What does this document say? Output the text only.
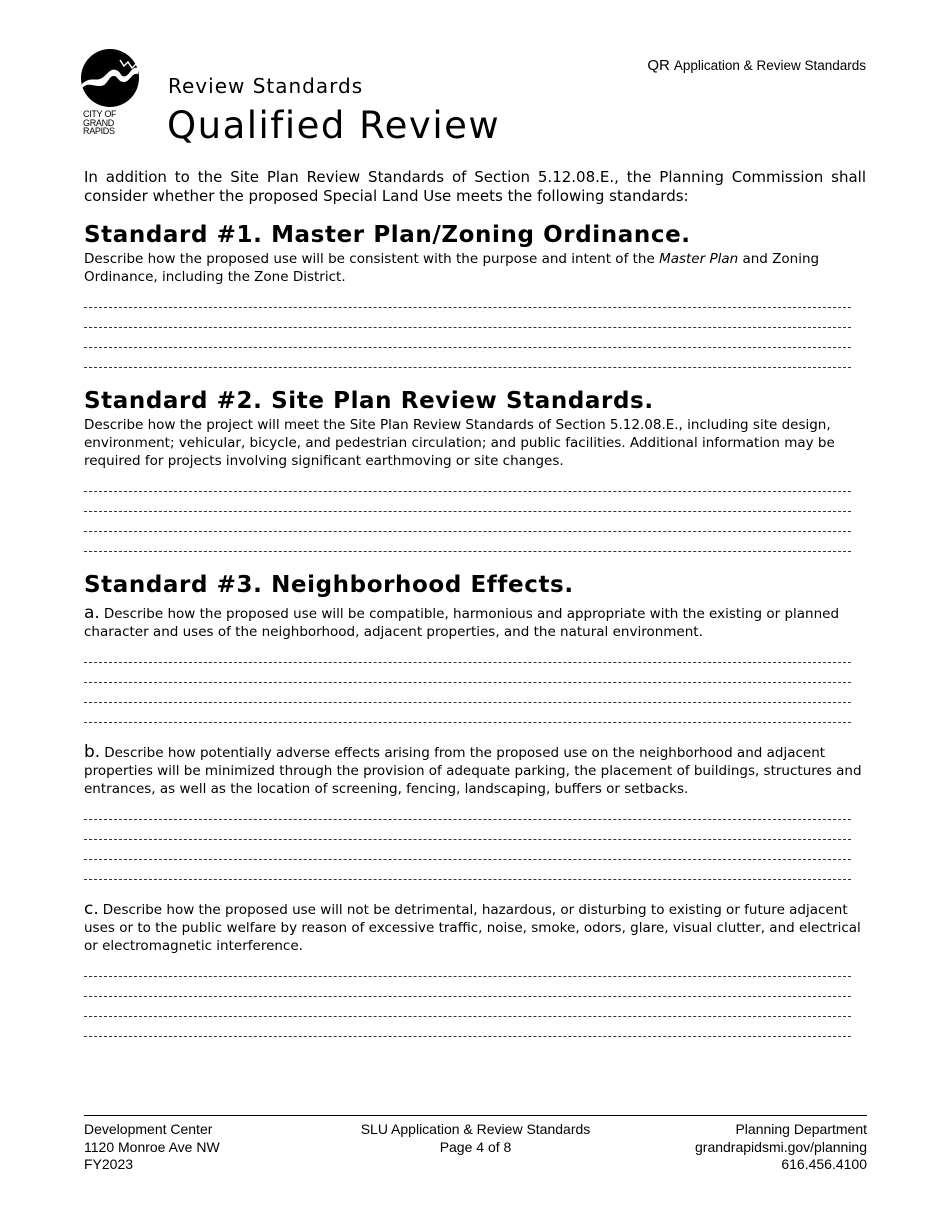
CITY OF
GRAND
RAPIDS
QR Application & Review Standards
Review Standards
Qualified Review

In addition to the Site Plan Review Standards of Section 5.12.08.E., the Planning Commission shall consider whether the proposed Special Land Use meets the following standards:

Standard #1. Master Plan/Zoning Ordinance.

Describe how the proposed use will be consistent with the purpose and intent of the Master Plan and Zoning Ordinance, including the Zone District.

Standard #2. Site Plan Review Standards.

Describe how the project will meet the Site Plan Review Standards of Section 5.12.08.E., including site design, environment; vehicular, bicycle, and pedestrian circulation; and public facilities. Additional information may be required for projects involving significant earthmoving or site changes.

Standard #3. Neighborhood Effects.

a. Describe how the proposed use will be compatible, harmonious and appropriate with the existing or planned character and uses of the neighborhood, adjacent properties, and the natural environment.

b. Describe how potentially adverse effects arising from the proposed use on the neighborhood and adjacent properties will be minimized through the provision of adequate parking, the placement of buildings, structures and entrances, as well as the location of screening, fencing, landscaping, buffers or setbacks.

c. Describe how the proposed use will not be detrimental, hazardous, or disturbing to existing or future adjacent uses or to the public welfare by reason of excessive traffic, noise, smoke, odors, glare, visual clutter, and electrical or electromagnetic interference.

Development Center
1120 Monroe Ave NW
FY2023
SLU Application & Review Standards
Page 4 of 8
Planning Department
grandrapidsmi.gov/planning
616.456.4100
